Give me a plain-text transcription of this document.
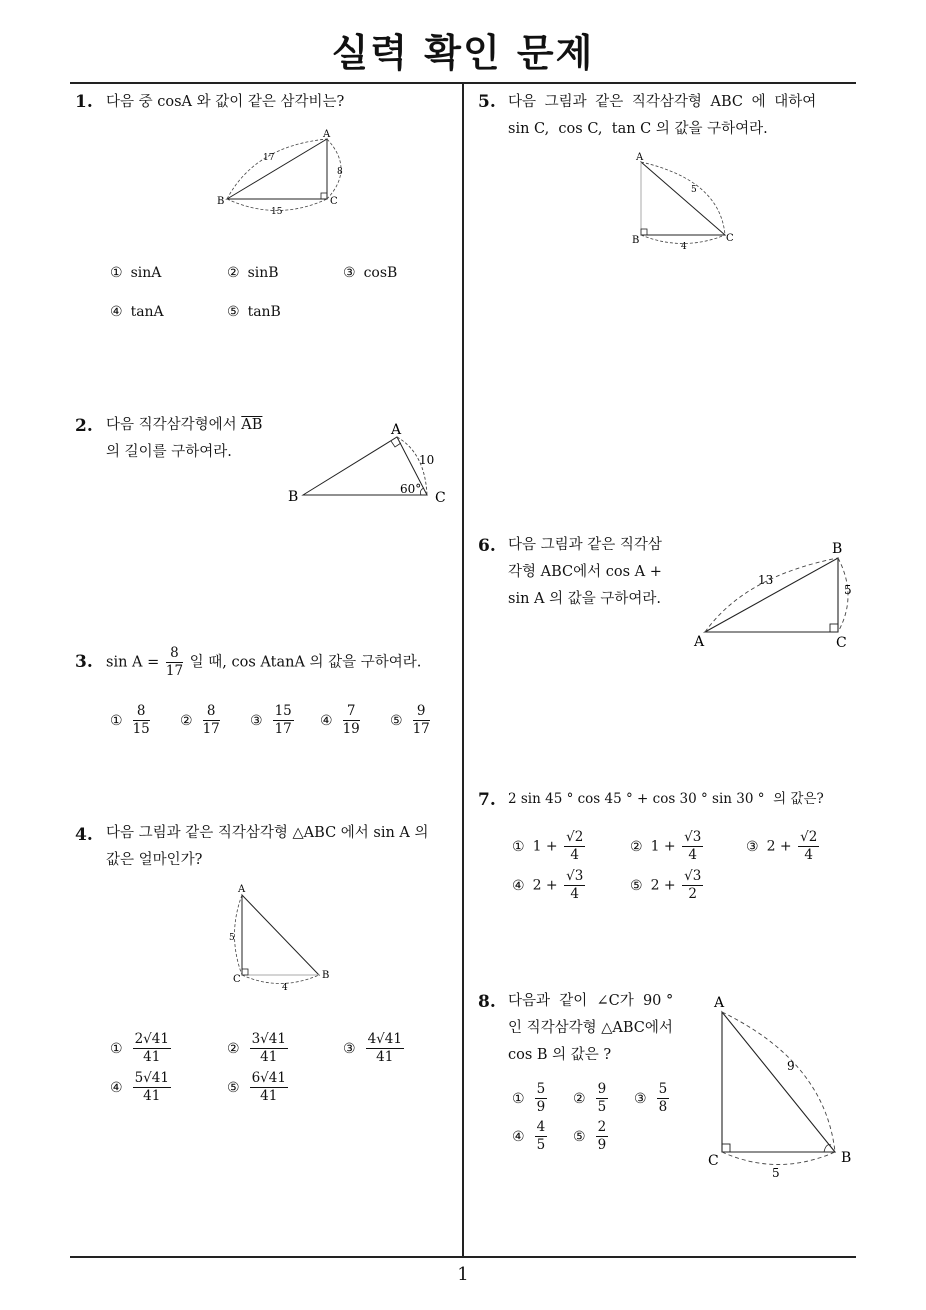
실력 확인 문제
1
1. 다음 중 cosA 와 값이 같은 삼각비는?
A
B	C
17
8
15
① sinA	② sinB	③ cosB
④ tanA	⑤ tanB
2. 다음 직각삼각형에서 $\overline{AB}$
의 길이를 구하여라.
A
B	C
10
60°
3. $\sin A = \frac{8}{17}$ 일 때, cos AtanA 의 값을 구하여라.
① $\frac{8}{15}$ ② $\frac{8}{17}$ ③ $\frac{15}{17}$ ④ $\frac{7}{19}$ ⑤ $\frac{9}{17}$
4. 다음 그림과 같은 직각삼각형 △ABC 에서 sin A 의
값은 얼마인가?
A
C	B
5
4
① $\frac{2√41}{41}$	② $\frac{3√41}{41}$	③ $\frac{4√41}{41}$
④ $\frac{5√41}{41}$	⑤ $\frac{6√41}{41}$
5. 다음 그림과 같은 직각삼각형 ABC 에 대하여
sin C,  cos C,  tan C 의 값을 구하여라.
A
B	C
5
4
6. 다음 그림과 같은 직각삼
각형 ABC에서 cos A +
sin A 의 값을 구하여라.
B
A	C
13
5
7. 2 sin 45 ° cos 45 ° + cos 30 ° sin 30 °  의 값은?
① $1 + \frac{√2}{4}$	② $1 + \frac{√3}{4}$	③ $2 + \frac{√2}{4}$
④ $2 + \frac{√3}{4}$	⑤ $2 + \frac{√3}{2}$
8. 다음과  같이  ∠C가  90 °
인 직각삼각형 △ABC에서
cos B 의 값은 ?
A
C	B
9
5
① $\frac{5}{9}$ ② $\frac{9}{5}$ ③ $\frac{5}{8}$
④ $\frac{4}{5}$ ⑤ $\frac{2}{9}$
